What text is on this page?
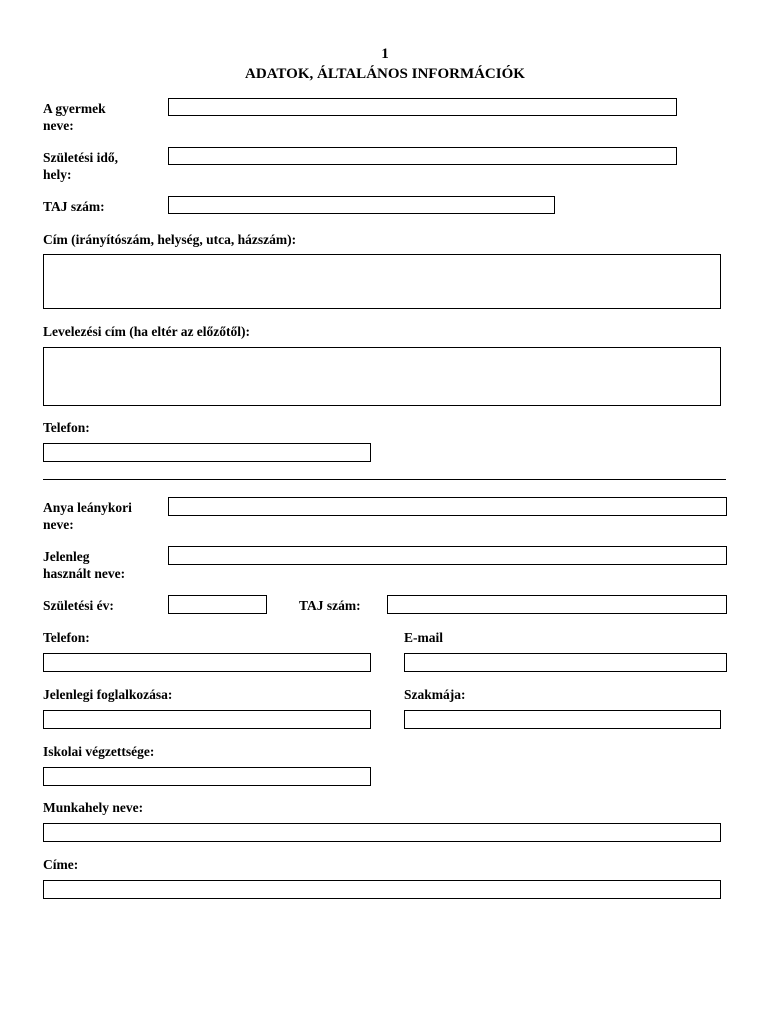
1
ADATOK, ÁLTALÁNOS INFORMÁCIÓK
A gyermek
neve:
Születési idő,
hely:
TAJ szám:
Cím (irányítószám, helység, utca, házszám):
Levelezési cím (ha eltér az előzőtől):
Telefon:
Anya leánykori
neve:
Jelenleg
használt neve:
Születési év:	TAJ szám:
Telefon:	E-mail
Jelenlegi foglalkozása:	Szakmája:
Iskolai végzettsége:
Munkahely neve:
Címe:
